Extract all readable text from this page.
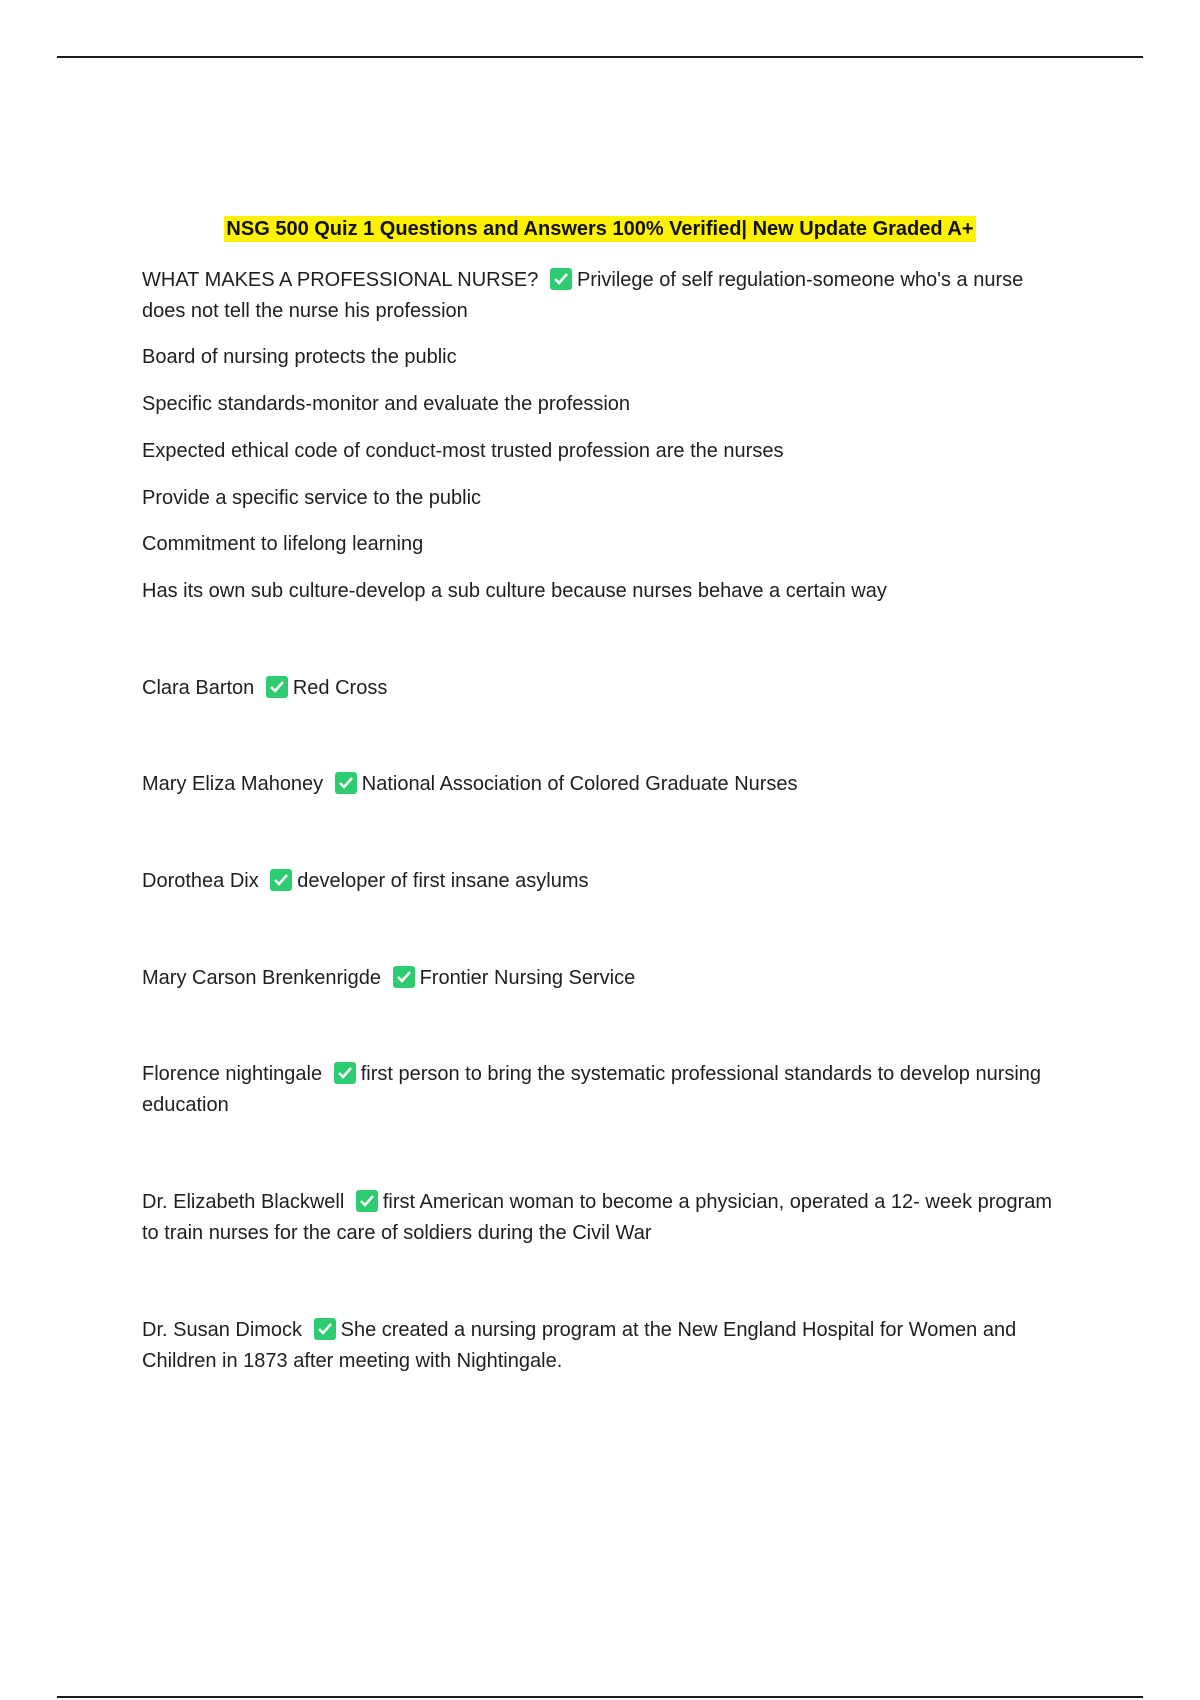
NSG 500 Quiz 1 Questions and Answers 100% Verified| New Update Graded A+

WHAT MAKES A PROFESSIONAL NURSE? Privilege of self regulation-someone who's a nurse does not tell the nurse his profession

Board of nursing protects the public

Specific standards-monitor and evaluate the profession

Expected ethical code of conduct-most trusted profession are the nurses

Provide a specific service to the public

Commitment to lifelong learning

Has its own sub culture-develop a sub culture because nurses behave a certain way

Clara Barton Red Cross

Mary Eliza Mahoney National Association of Colored Graduate Nurses

Dorothea Dix developer of first insane asylums

Mary Carson Brenkenrigde Frontier Nursing Service

Florence nightingale first person to bring the systematic professional standards to develop nursing education

Dr. Elizabeth Blackwell first American woman to become a physician, operated a 12- week program to train nurses for the care of soldiers during the Civil War

Dr. Susan Dimock She created a nursing program at the New England Hospital for Women and Children in 1873 after meeting with Nightingale.
